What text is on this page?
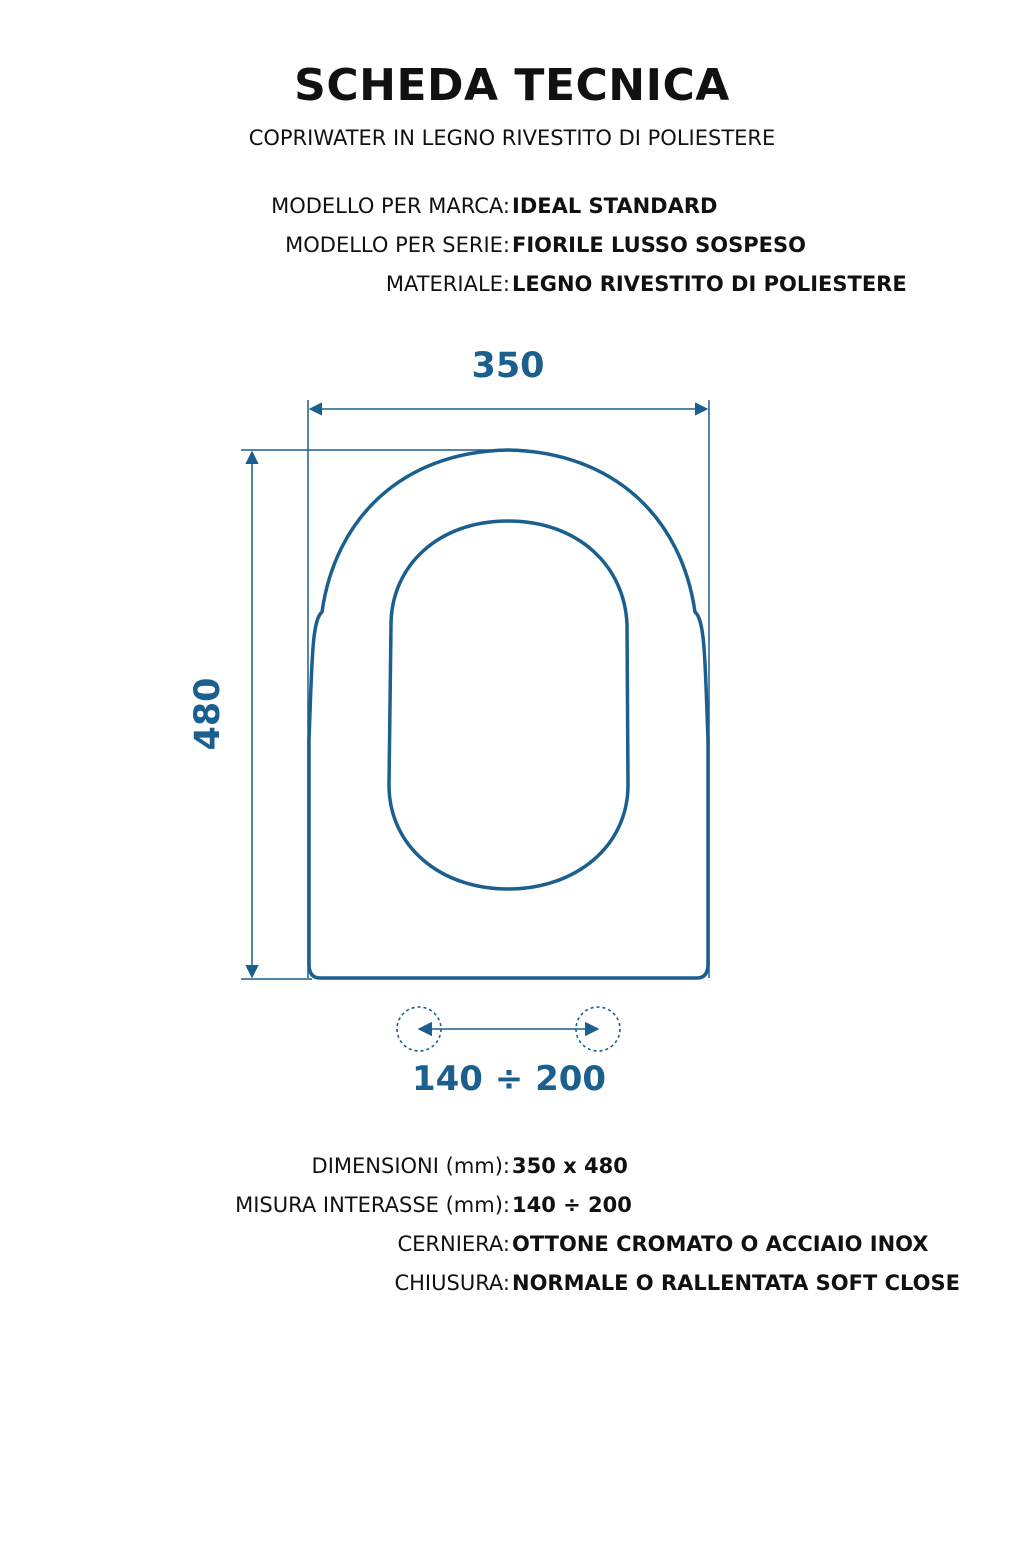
SCHEDA TECNICA

COPRIWATER IN LEGNO RIVESTITO DI POLIESTERE

MODELLO PER MARCA: IDEAL STANDARD
MODELLO PER SERIE: FIORILE LUSSO SOSPESO
MATERIALE: LEGNO RIVESTITO DI POLIESTERE
350
480
140 ÷ 200
DIMENSIONI (mm): 350 x 480
MISURA INTERASSE (mm): 140 ÷ 200
CERNIERA: OTTONE CROMATO O ACCIAIO INOX
CHIUSURA: NORMALE O RALLENTATA SOFT CLOSE
